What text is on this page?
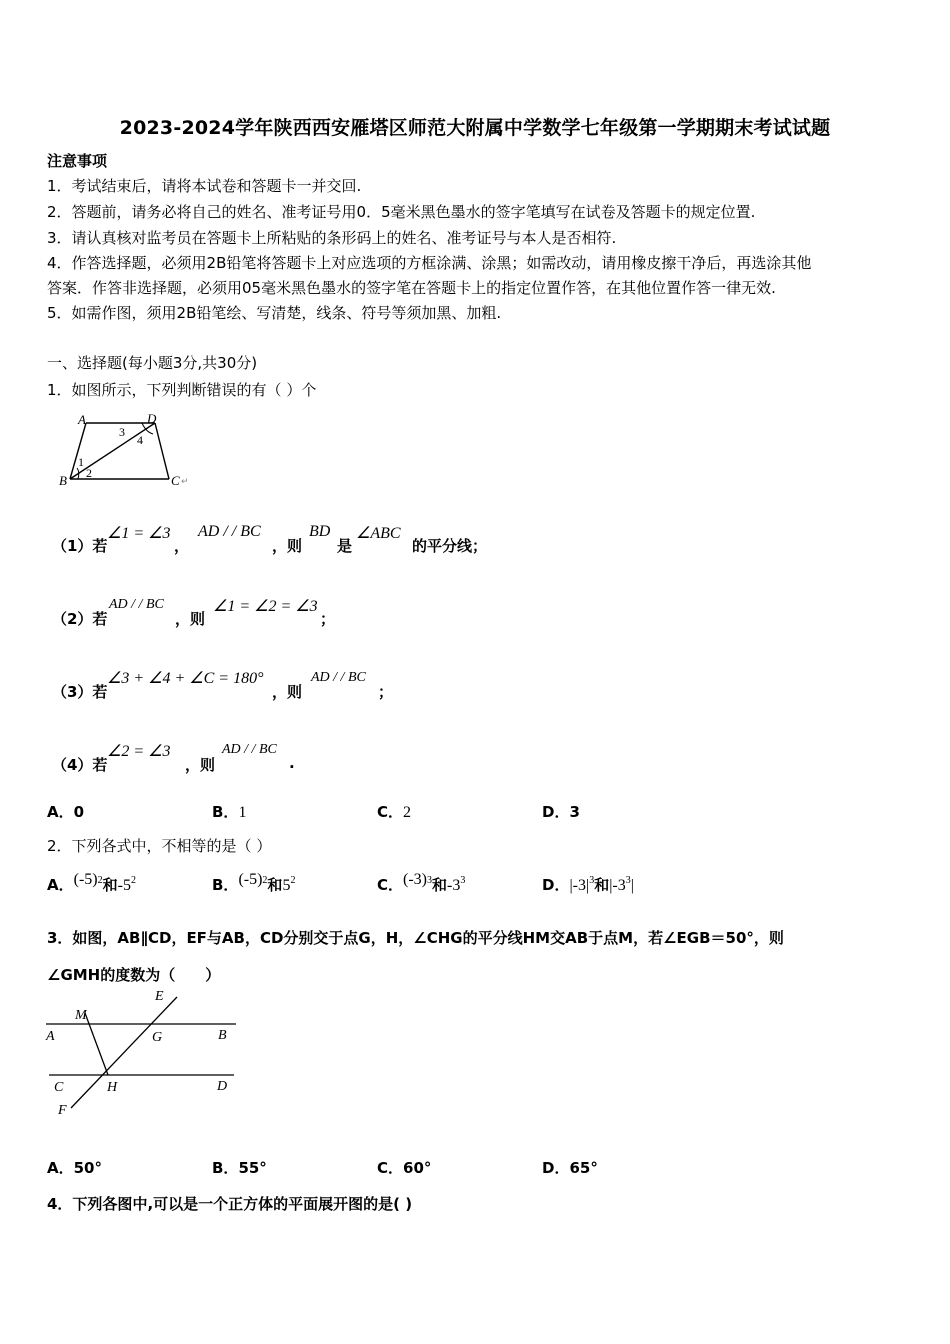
2023-2024学年陕西西安雁塔区师范大附属中学数学七年级第一学期期末考试试题
注意事项
1．考试结束后，请将本试卷和答题卡一并交回.
2．答题前，请务必将自己的姓名、准考证号用0．5毫米黑色墨水的签字笔填写在试卷及答题卡的规定位置.
3．请认真核对监考员在答题卡上所粘贴的条形码上的姓名、准考证号与本人是否相符.
4．作答选择题，必须用2B铅笔将答题卡上对应选项的方框涂满、涂黑；如需改动，请用橡皮擦干净后，再选涂其他
答案．作答非选择题，必须用05毫米黑色墨水的签字笔在答题卡上的指定位置作答，在其他位置作答一律无效.
5．如需作图，须用2B铅笔绘、写清楚，线条、符号等须加黑、加粗.
一、选择题(每小题3分,共30分)
1．如图所示，下列判断错误的有（ ）个
A	D
B	C
1
2
3
4
↵
（1）若
∠1 = ∠3
，
AD / / BC
，则
BD
是
∠ABC
的平分线；
（2）若
AD / / BC
，则
∠1 = ∠2 = ∠3
；
（3）若
∠3 + ∠4 + ∠C = 180°
，则
AD / / BC
；
（4）若
∠2 = ∠3
，则
AD / / BC
.
A．0	B．1	C．2	D．3
2．下列各式中，不相等的是（ ）
A．$(-5)^2$和$-5^2$	B．$(-5)^2$和$5^2$	C．$(-3)^3$和$-3^3$	D．$|-3|^3$和$|-3^3|$
3．如图，AB∥CD，EF与AB，CD分别交于点G，H，∠CHG的平分线HM交AB于点M，若∠EGB＝50°，则
∠GMH的度数为（　　）
E
M
A	G	B
C	H	D
F
A．50°	B．55°	C．60°	D．65°
4．下列各图中,可以是一个正方体的平面展开图的是( )
